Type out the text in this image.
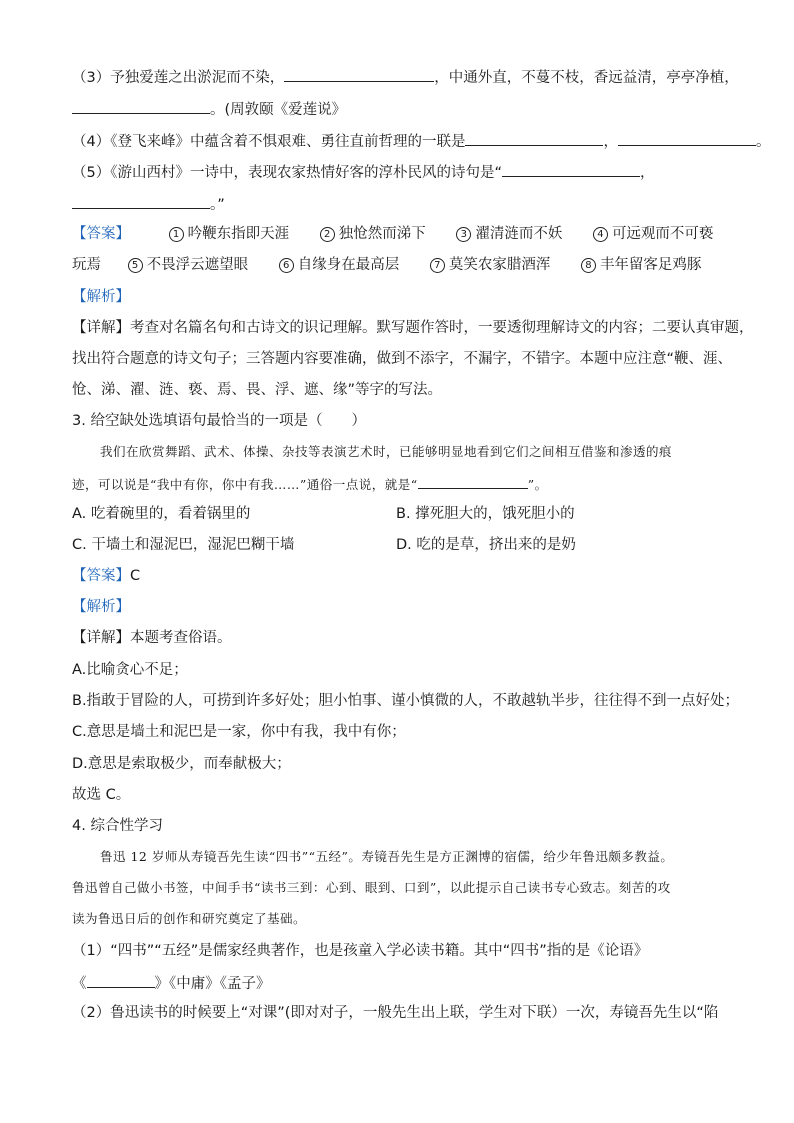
（3）予独爱莲之出淤泥而不染，	，中通外直，不蔓不枝，香远益清，亭亭净植，
。(周敦颐《爱莲说》
（4）《登飞来峰》中蕴含着不惧艰难、勇往直前哲理的一联是	，	。
（5）《游山西村》一诗中，表现农家热情好客的淳朴民风的诗句是“	，
。”
【答案】	1 吟鞭东指即天涯	2 独怆然而涕下	3 濯清涟而不妖	4 可远观而不可亵
玩焉	5 不畏浮云遮望眼	6 自缘身在最高层	7 莫笑农家腊酒浑	8 丰年留客足鸡豚
【解析】
【详解】考查对名篇名句和古诗文的识记理解。默写题作答时，一要透彻理解诗文的内容；二要认真审题，
找出符合题意的诗文句子；三答题内容要准确，做到不添字，不漏字，不错字。本题中应注意“鞭、涯、
怆、涕、濯、涟、亵、焉、畏、浮、遮、缘”等字的写法。
3. 给空缺处选填语句最恰当的一项是（　　）
我们在欣赏舞蹈、武术、体操、杂技等表演艺术时，已能够明显地看到它们之间相互借鉴和渗透的痕
迹，可以说是“我中有你，你中有我……”通俗一点说，就是“	”。
A. 吃着碗里的，看着锅里的	B. 撑死胆大的，饿死胆小的
C. 干墙土和湿泥巴，湿泥巴糊干墙	D. 吃的是草，挤出来的是奶
【答案】C
【解析】
【详解】本题考查俗语。
A.比喻贪心不足；
B.指敢于冒险的人，可捞到许多好处；胆小怕事、谨小慎微的人，不敢越轨半步，往往得不到一点好处；
C.意思是墙土和泥巴是一家，你中有我，我中有你；
D.意思是索取极少，而奉献极大；
故选 C。
4. 综合性学习
鲁迅 12 岁师从寿镜吾先生读“四书”“五经”。寿镜吾先生是方正渊博的宿儒，给少年鲁迅颇多教益。
鲁迅曾自己做小书签，中间手书“读书三到：心到、眼到、口到”，以此提示自己读书专心致志。刻苦的攻
读为鲁迅日后的创作和研究奠定了基础。
（1）“四书”“五经”是儒家经典著作，也是孩童入学必读书籍。其中“四书”指的是《论语》
《	》《中庸》《孟子》
（2）鲁迅读书的时候要上“对课”(即对对子，一般先生出上联，学生对下联）一次，寿镜吾先生以“陷
